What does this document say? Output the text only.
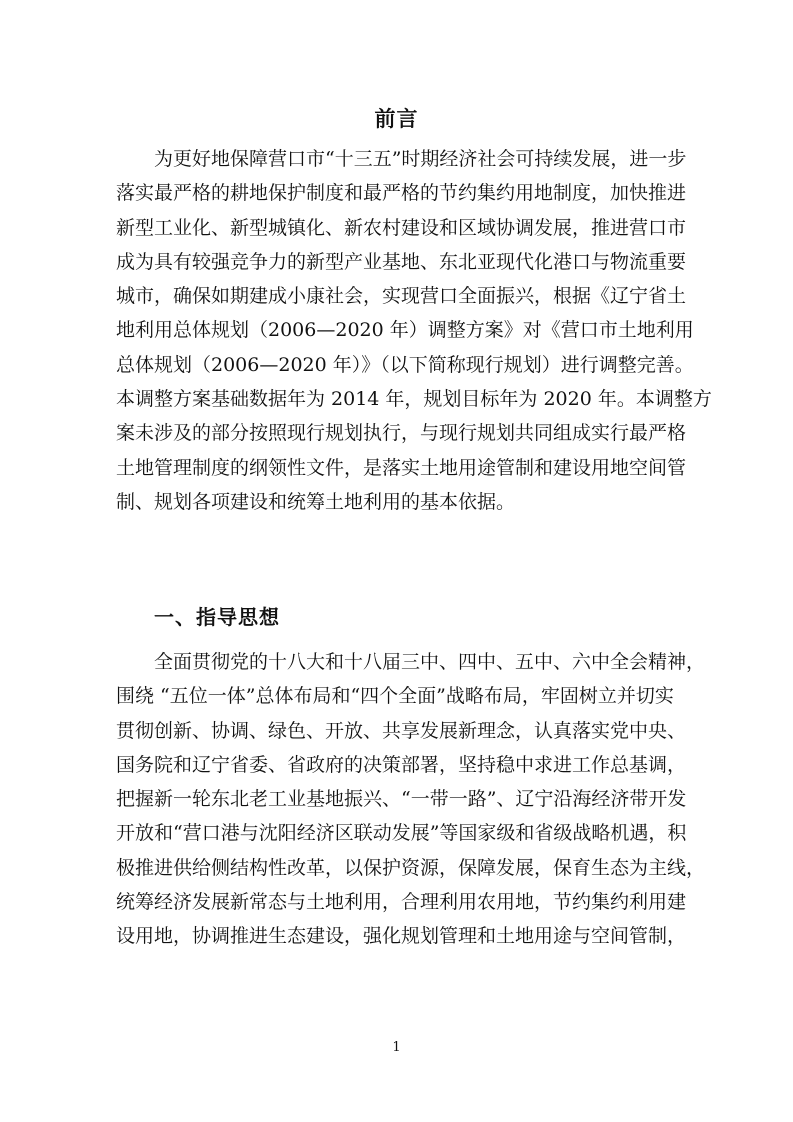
前言
为更好地保障营口市“十三五”时期经济社会可持续发展，进一步
落实最严格的耕地保护制度和最严格的节约集约用地制度，加快推进
新型工业化、新型城镇化、新农村建设和区域协调发展，推进营口市
成为具有较强竞争力的新型产业基地、东北亚现代化港口与物流重要
城市，确保如期建成小康社会，实现营口全面振兴，根据《辽宁省土
地利用总体规划（2006—2020 年）调整方案》对《营口市土地利用
总体规划（2006—2020 年）》（以下简称现行规划）进行调整完善。
本调整方案基础数据年为 2014 年，规划目标年为 2020 年。本调整方
案未涉及的部分按照现行规划执行，与现行规划共同组成实行最严格
土地管理制度的纲领性文件，是落实土地用途管制和建设用地空间管
制、规划各项建设和统筹土地利用的基本依据。
一、指导思想
全面贯彻党的十八大和十八届三中、四中、五中、六中全会精神，
围绕 “五位一体”总体布局和“四个全面”战略布局，牢固树立并切实
贯彻创新、协调、绿色、开放、共享发展新理念，认真落实党中央、
国务院和辽宁省委、省政府的决策部署，坚持稳中求进工作总基调，
把握新一轮东北老工业基地振兴、“一带一路”、辽宁沿海经济带开发
开放和“营口港与沈阳经济区联动发展”等国家级和省级战略机遇，积
极推进供给侧结构性改革，以保护资源，保障发展，保育生态为主线，
统筹经济发展新常态与土地利用，合理利用农用地，节约集约利用建
设用地，协调推进生态建设，强化规划管理和土地用途与空间管制，
1
